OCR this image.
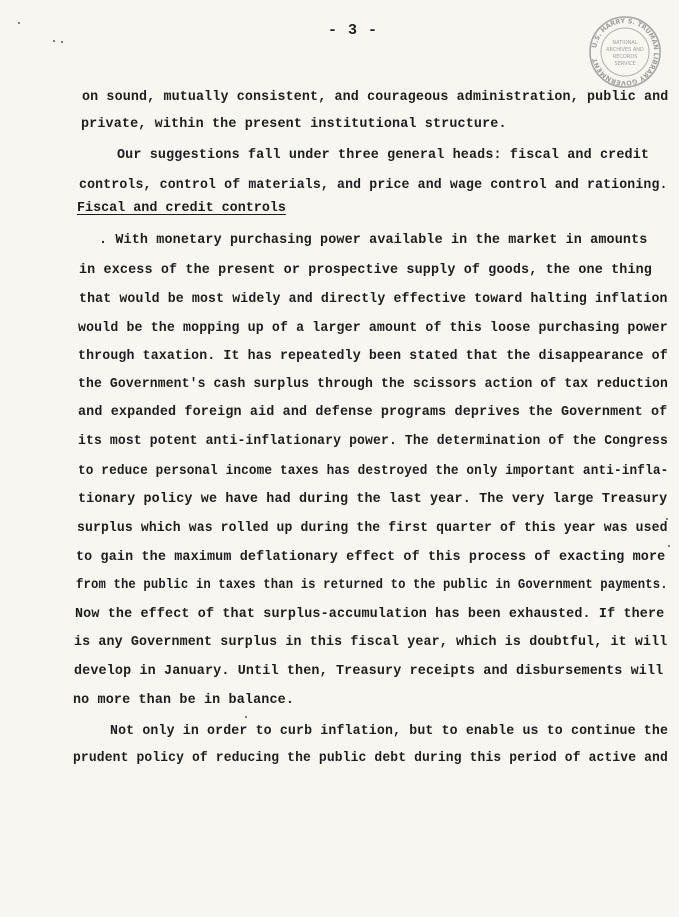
- 3 -
U.S. HARRY S. TRUMAN LIBRARY GOVERNMENT
NATIONAL
ARCHIVES AND
RECORDS
SERVICE
on sound, mutually consistent, and courageous administration, public and
private, within the present institutional structure.
Our suggestions fall under three general heads: fiscal and credit
controls, control of materials, and price and wage control and rationing.
Fiscal and credit controls
. With monetary purchasing power available in the market in amounts
in excess of the present or prospective supply of goods, the one thing
that would be most widely and directly effective toward halting inflation
would be the mopping up of a larger amount of this loose purchasing power
through taxation. It has repeatedly been stated that the disappearance of
the Government's cash surplus through the scissors action of tax reduction
and expanded foreign aid and defense programs deprives the Government of
its most potent anti-inflationary power. The determination of the Congress
to reduce personal income taxes has destroyed the only important anti-infla-
tionary policy we have had during the last year. The very large Treasury
surplus which was rolled up during the first quarter of this year was used
to gain the maximum deflationary effect of this process of exacting more
from the public in taxes than is returned to the public in Government payments.
Now the effect of that surplus-accumulation has been exhausted. If there
is any Government surplus in this fiscal year, which is doubtful, it will
develop in January. Until then, Treasury receipts and disbursements will
no more than be in balance.
Not only in order to curb inflation, but to enable us to continue the
prudent policy of reducing the public debt during this period of active and
